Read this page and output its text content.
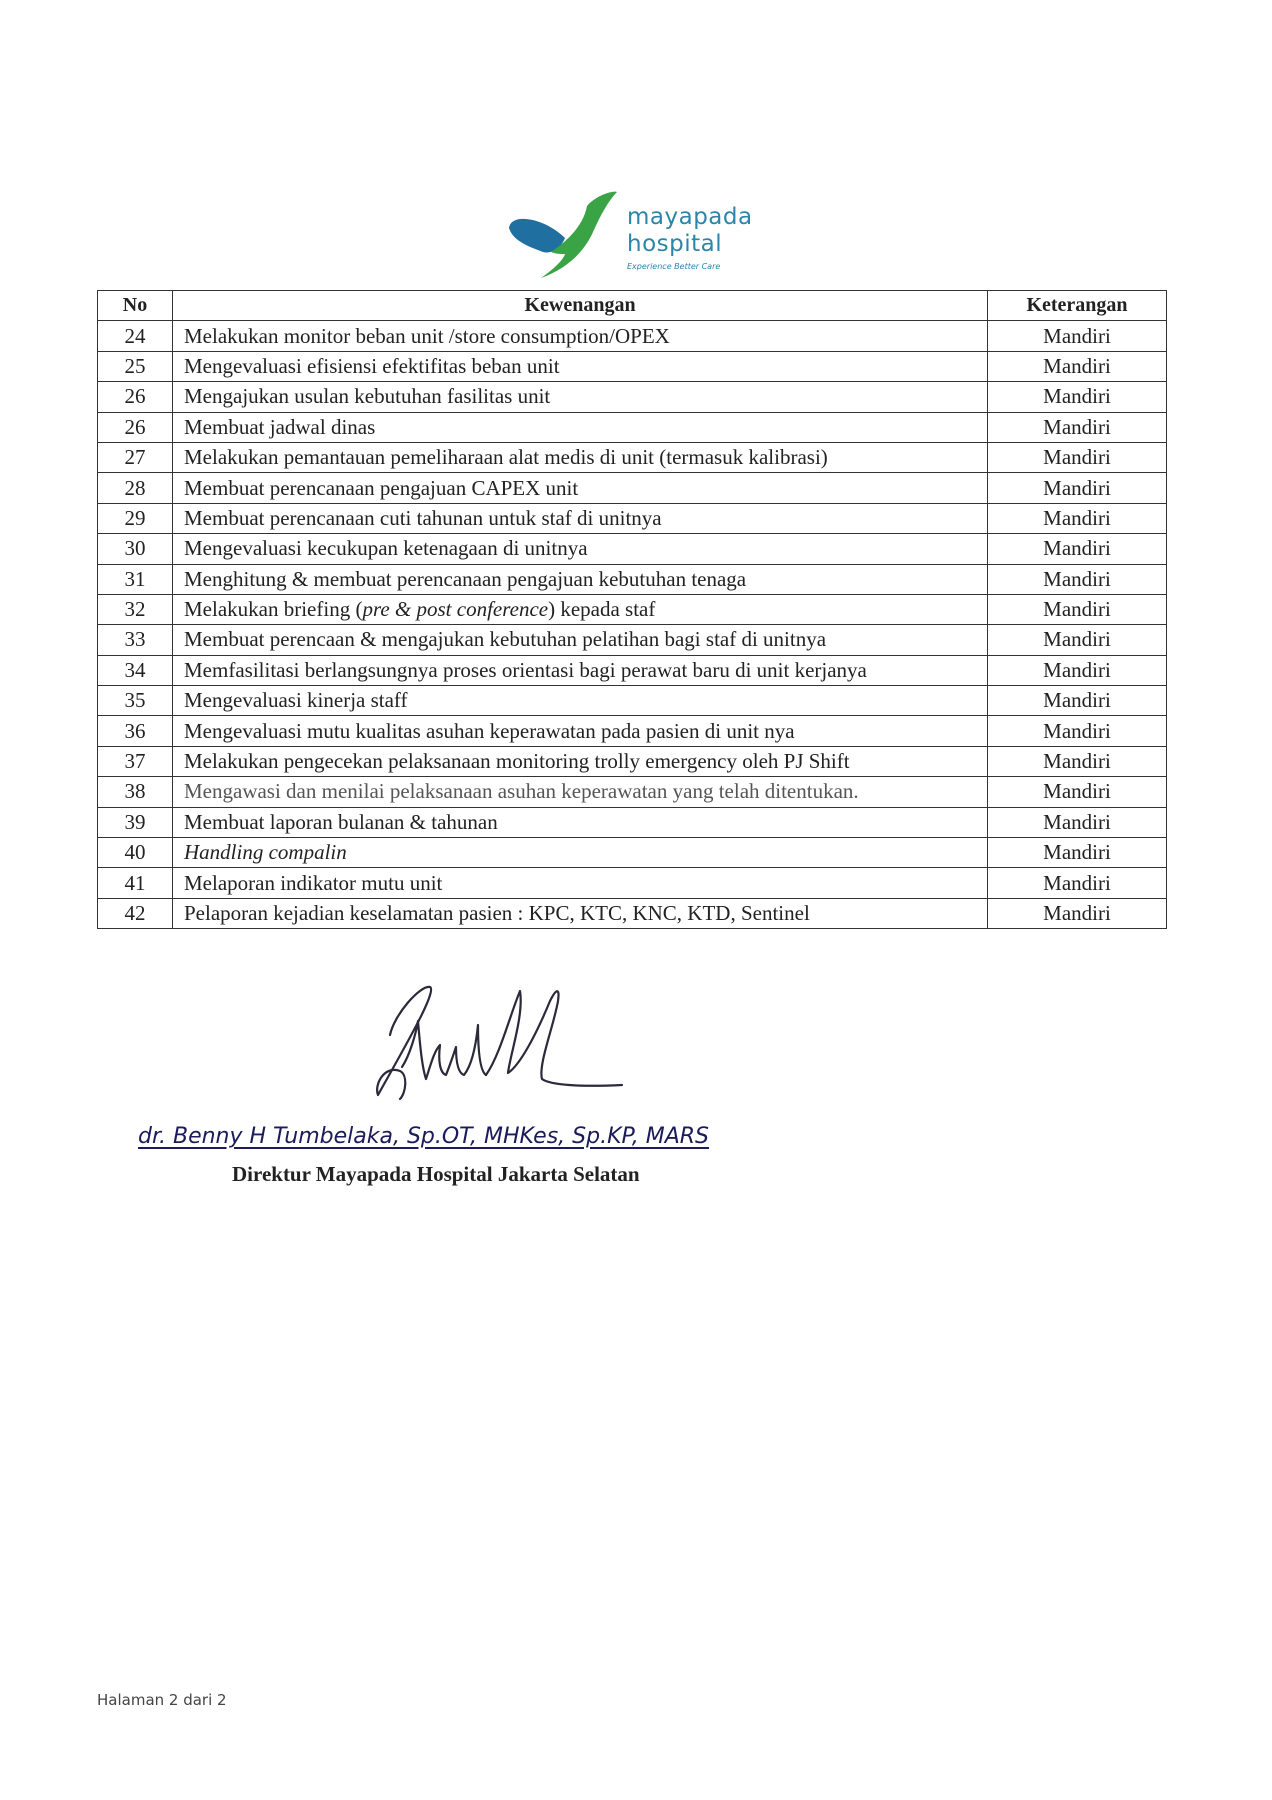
mayapada
hospital
Experience Better Care
No	Kewenangan	Keterangan
24	Melakukan monitor beban unit /store consumption/OPEX	Mandiri
25	Mengevaluasi efisiensi efektifitas beban unit	Mandiri
26	Mengajukan usulan kebutuhan fasilitas unit	Mandiri
26	Membuat jadwal dinas	Mandiri
27	Melakukan pemantauan pemeliharaan alat medis di unit (termasuk kalibrasi)	Mandiri
28	Membuat perencanaan pengajuan CAPEX unit	Mandiri
29	Membuat perencanaan cuti tahunan untuk staf di unitnya	Mandiri
30	Mengevaluasi kecukupan ketenagaan di unitnya	Mandiri
31	Menghitung & membuat perencanaan pengajuan kebutuhan tenaga	Mandiri
32	Melakukan briefing (pre & post conference) kepada staf	Mandiri
33	Membuat perencaan & mengajukan kebutuhan pelatihan bagi staf di unitnya	Mandiri
34	Memfasilitasi berlangsungnya proses orientasi bagi perawat baru di unit kerjanya	Mandiri
35	Mengevaluasi kinerja staff	Mandiri
36	Mengevaluasi mutu kualitas asuhan keperawatan pada pasien di unit nya	Mandiri
37	Melakukan pengecekan pelaksanaan monitoring trolly emergency oleh PJ Shift	Mandiri
38	Mengawasi dan menilai pelaksanaan asuhan keperawatan yang telah ditentukan.	Mandiri
39	Membuat laporan bulanan & tahunan	Mandiri
40	Handling compalin	Mandiri
41	Melaporan indikator mutu unit	Mandiri
42	Pelaporan kejadian keselamatan pasien : KPC, KTC, KNC, KTD, Sentinel	Mandiri
dr. Benny H Tumbelaka, Sp.OT, MHKes, Sp.KP, MARS
Direktur Mayapada Hospital Jakarta Selatan
Halaman 2 dari 2
